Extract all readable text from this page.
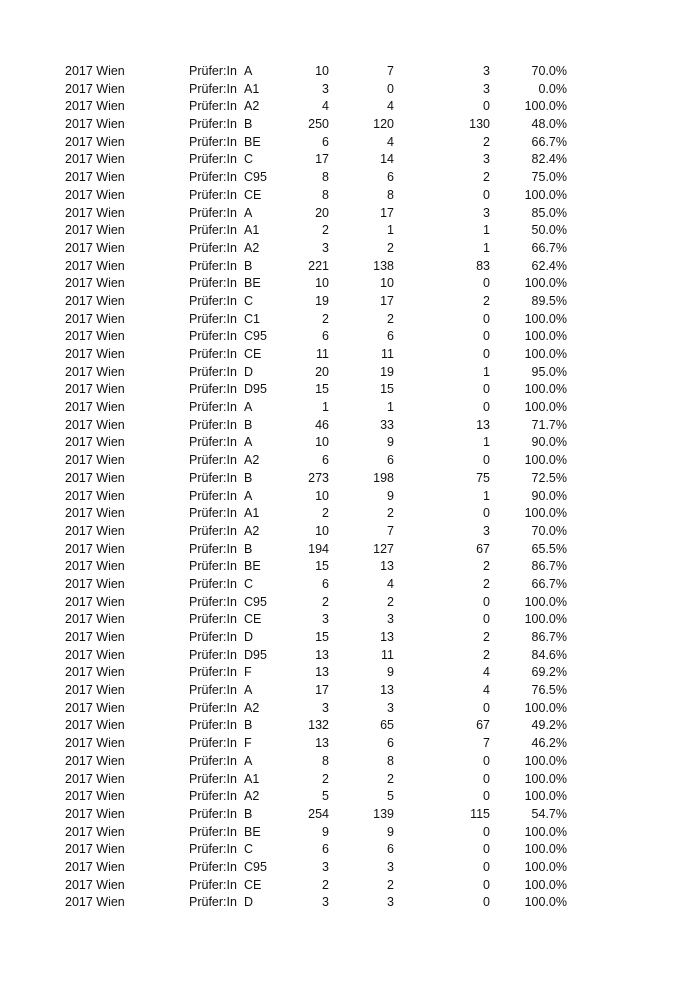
2017 Wien	Prüfer:In A	10	7	3	70.0%
2017 Wien	Prüfer:In A1	3	0	3	0.0%
2017 Wien	Prüfer:In A2	4	4	0	100.0%
2017 Wien	Prüfer:In B	250	120	130	48.0%
2017 Wien	Prüfer:In BE	6	4	2	66.7%
2017 Wien	Prüfer:In C	17	14	3	82.4%
2017 Wien	Prüfer:In C95	8	6	2	75.0%
2017 Wien	Prüfer:In CE	8	8	0	100.0%
2017 Wien	Prüfer:In A	20	17	3	85.0%
2017 Wien	Prüfer:In A1	2	1	1	50.0%
2017 Wien	Prüfer:In A2	3	2	1	66.7%
2017 Wien	Prüfer:In B	221	138	83	62.4%
2017 Wien	Prüfer:In BE	10	10	0	100.0%
2017 Wien	Prüfer:In C	19	17	2	89.5%
2017 Wien	Prüfer:In C1	2	2	0	100.0%
2017 Wien	Prüfer:In C95	6	6	0	100.0%
2017 Wien	Prüfer:In CE	11	11	0	100.0%
2017 Wien	Prüfer:In D	20	19	1	95.0%
2017 Wien	Prüfer:In D95	15	15	0	100.0%
2017 Wien	Prüfer:In A	1	1	0	100.0%
2017 Wien	Prüfer:In B	46	33	13	71.7%
2017 Wien	Prüfer:In A	10	9	1	90.0%
2017 Wien	Prüfer:In A2	6	6	0	100.0%
2017 Wien	Prüfer:In B	273	198	75	72.5%
2017 Wien	Prüfer:In A	10	9	1	90.0%
2017 Wien	Prüfer:In A1	2	2	0	100.0%
2017 Wien	Prüfer:In A2	10	7	3	70.0%
2017 Wien	Prüfer:In B	194	127	67	65.5%
2017 Wien	Prüfer:In BE	15	13	2	86.7%
2017 Wien	Prüfer:In C	6	4	2	66.7%
2017 Wien	Prüfer:In C95	2	2	0	100.0%
2017 Wien	Prüfer:In CE	3	3	0	100.0%
2017 Wien	Prüfer:In D	15	13	2	86.7%
2017 Wien	Prüfer:In D95	13	11	2	84.6%
2017 Wien	Prüfer:In F	13	9	4	69.2%
2017 Wien	Prüfer:In A	17	13	4	76.5%
2017 Wien	Prüfer:In A2	3	3	0	100.0%
2017 Wien	Prüfer:In B	132	65	67	49.2%
2017 Wien	Prüfer:In F	13	6	7	46.2%
2017 Wien	Prüfer:In A	8	8	0	100.0%
2017 Wien	Prüfer:In A1	2	2	0	100.0%
2017 Wien	Prüfer:In A2	5	5	0	100.0%
2017 Wien	Prüfer:In B	254	139	115	54.7%
2017 Wien	Prüfer:In BE	9	9	0	100.0%
2017 Wien	Prüfer:In C	6	6	0	100.0%
2017 Wien	Prüfer:In C95	3	3	0	100.0%
2017 Wien	Prüfer:In CE	2	2	0	100.0%
2017 Wien	Prüfer:In D	3	3	0	100.0%
